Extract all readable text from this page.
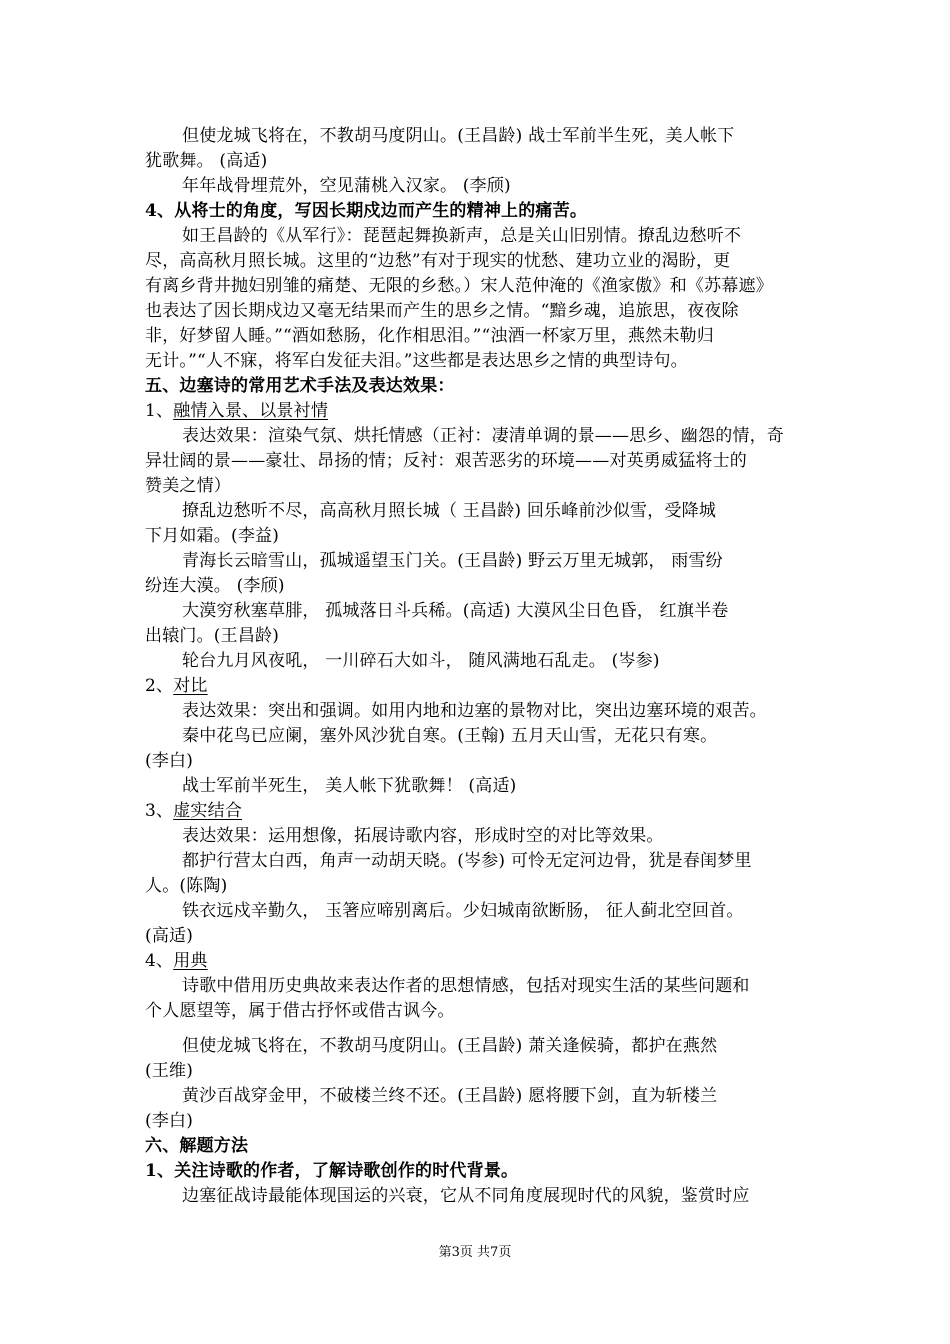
但使龙城飞将在，不教胡马度阴山。(王昌龄) 战士军前半生死，美人帐下
犹歌舞。 (高适)
年年战骨埋荒外，空见蒲桃入汉家。 (李颀)
4、从将士的角度，写因长期戍边而产生的精神上的痛苦。
如王昌龄的《从军行》：琵琶起舞换新声，总是关山旧别情。撩乱边愁听不
尽，高高秋月照长城。这里的“边愁”有对于现实的忧愁、建功立业的渴盼，更
有离乡背井抛妇别雏的痛楚、无限的乡愁。）宋人范仲淹的《渔家傲》和《苏幕遮》
也表达了因长期戍边又毫无结果而产生的思乡之情。“黯乡魂，追旅思，夜夜除
非，好梦留人睡。”“酒如愁肠，化作相思泪。”“浊酒一杯家万里，燕然未勒归
无计。”“人不寐，将军白发征夫泪。”这些都是表达思乡之情的典型诗句。
五、边塞诗的常用艺术手法及表达效果：
1、融情入景、以景衬情
表达效果：渲染气氛、烘托情感（正衬：凄清单调的景——思乡、幽怨的情，奇
异壮阔的景——豪壮、昂扬的情；反衬：艰苦恶劣的环境——对英勇威猛将士的
赞美之情）
撩乱边愁听不尽，高高秋月照长城（ 王昌龄) 回乐峰前沙似雪，受降城
下月如霜。(李益)
青海长云暗雪山，孤城遥望玉门关。(王昌龄) 野云万里无城郭， 雨雪纷
纷连大漠。 (李颀)
大漠穷秋塞草腓， 孤城落日斗兵稀。(高适) 大漠风尘日色昏， 红旗半卷
出辕门。(王昌龄)
轮台九月风夜吼， 一川碎石大如斗， 随风满地石乱走。 (岑参)
2、对比
表达效果：突出和强调。如用内地和边塞的景物对比，突出边塞环境的艰苦。
秦中花鸟已应阑，塞外风沙犹自寒。(王翰) 五月天山雪，无花只有寒。
(李白)
战士军前半死生， 美人帐下犹歌舞！ (高适)
3、虚实结合
表达效果：运用想像，拓展诗歌内容，形成时空的对比等效果。
都护行营太白西，角声一动胡天晓。(岑参) 可怜无定河边骨，犹是春闺梦里
人。(陈陶)
铁衣远戍辛勤久， 玉箸应啼别离后。少妇城南欲断肠， 征人蓟北空回首。
(高适)
4、用典
诗歌中借用历史典故来表达作者的思想情感，包括对现实生活的某些问题和
个人愿望等，属于借古抒怀或借古讽今。
但使龙城飞将在，不教胡马度阴山。(王昌龄) 萧关逢候骑，都护在燕然
(王维)
黄沙百战穿金甲，不破楼兰终不还。(王昌龄) 愿将腰下剑，直为斩楼兰
(李白)
六、解题方法
1、关注诗歌的作者，了解诗歌创作的时代背景。
边塞征战诗最能体现国运的兴衰，它从不同角度展现时代的风貌，鉴赏时应
第3页 共7页
